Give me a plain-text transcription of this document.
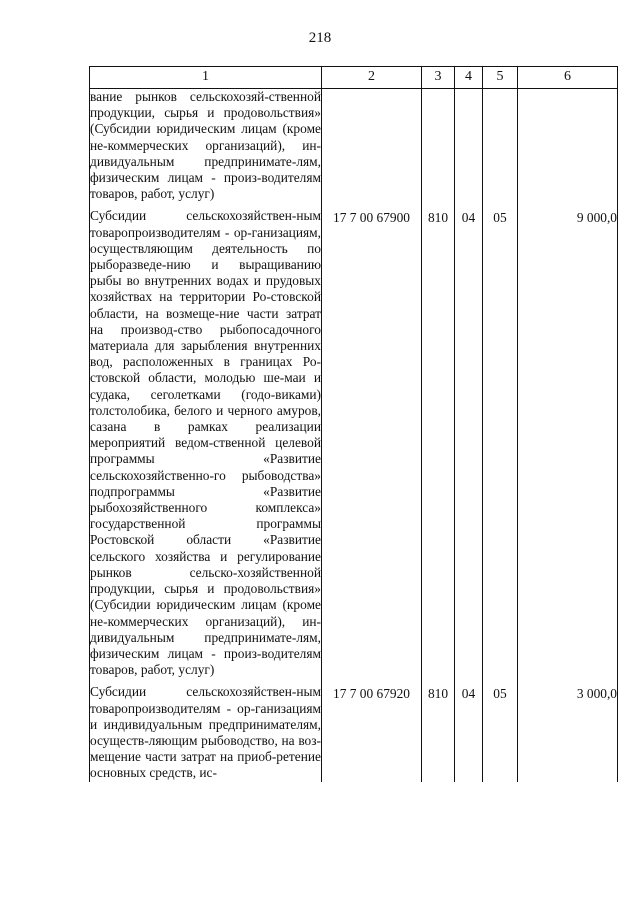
218
1	2	3	4	5	6
вание рынков сельскохозяй-ственной продукции, сырья и продовольствия» (Субсидии юридическим лицам (кроме не-коммерческих организаций), ин-дивидуальным предпринимате-лям, физическим лицам - произ-водителям товаров, работ, услуг)					
Субсидии сельскохозяйствен-ным товаропроизводителям - ор-ганизациям, осуществляющим деятельность по рыборазведе-нию и выращиванию рыбы во внутренних водах и прудовых хозяйствах на территории Ро-стовской области, на возмеще-ние части затрат на производ-ство рыбопосадочного материала для зарыбления внутренних вод, расположенных в границах Ро-стовской области, молодью ше-маи и судака, сеголетками (годо-виками) толстолобика, белого и черного амуров, сазана в рамках реализации мероприятий ведом-ственной целевой программы «Развитие сельскохозяйственно-го рыбоводства» подпрограммы «Развитие рыбохозяйственного комплекса» государственной программы Ростовской области «Развитие сельского хозяйства и регулирование рынков сельско-хозяйственной продукции, сырья и продовольствия» (Субсидии юридическим лицам (кроме не-коммерческих организаций), ин-дивидуальным предпринимате-лям, физическим лицам - произ-водителям товаров, работ, услуг)	17 7 00 67900	810	04	05	9 000,0
Субсидии сельскохозяйствен-ным товаропроизводителям - ор-ганизациям и индивидуальным предпринимателям, осуществ-ляющим рыбоводство, на воз-мещение части затрат на приоб-ретение основных средств, ис-	17 7 00 67920	810	04	05	3 000,0
